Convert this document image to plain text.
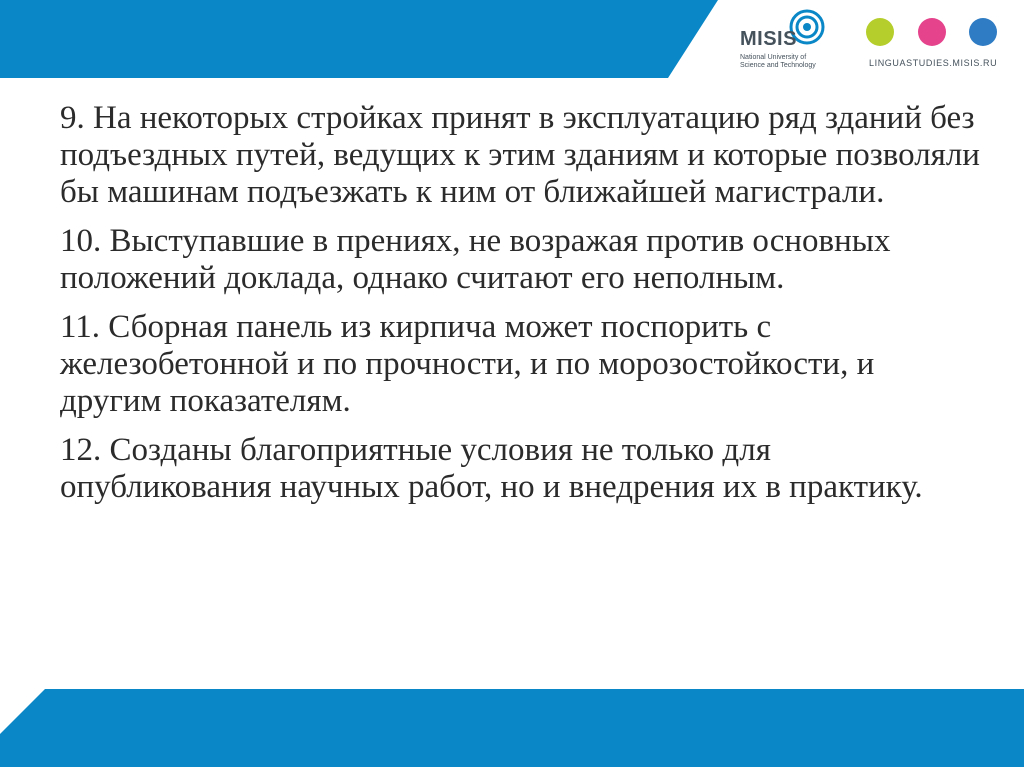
MISIS
National University of
Science and Technology	LINGUASTUDIES.MISIS.RU

9. На некоторых стройках принят в эксплуатацию ряд зданий без подъездных путей, ведущих к этим зданиям и которые позволяли бы машинам подъезжать к ним от ближайшей магистрали.

10. Выступавшие в прениях, не возражая против основных положений доклада, однако считают его неполным.

11. Сборная панель из кирпича может поспорить с железобетонной и по прочности, и по морозостойкости, и другим показателям.

12. Созданы благоприятные условия не только для опубликования научных работ, но и внедрения их в практику.
